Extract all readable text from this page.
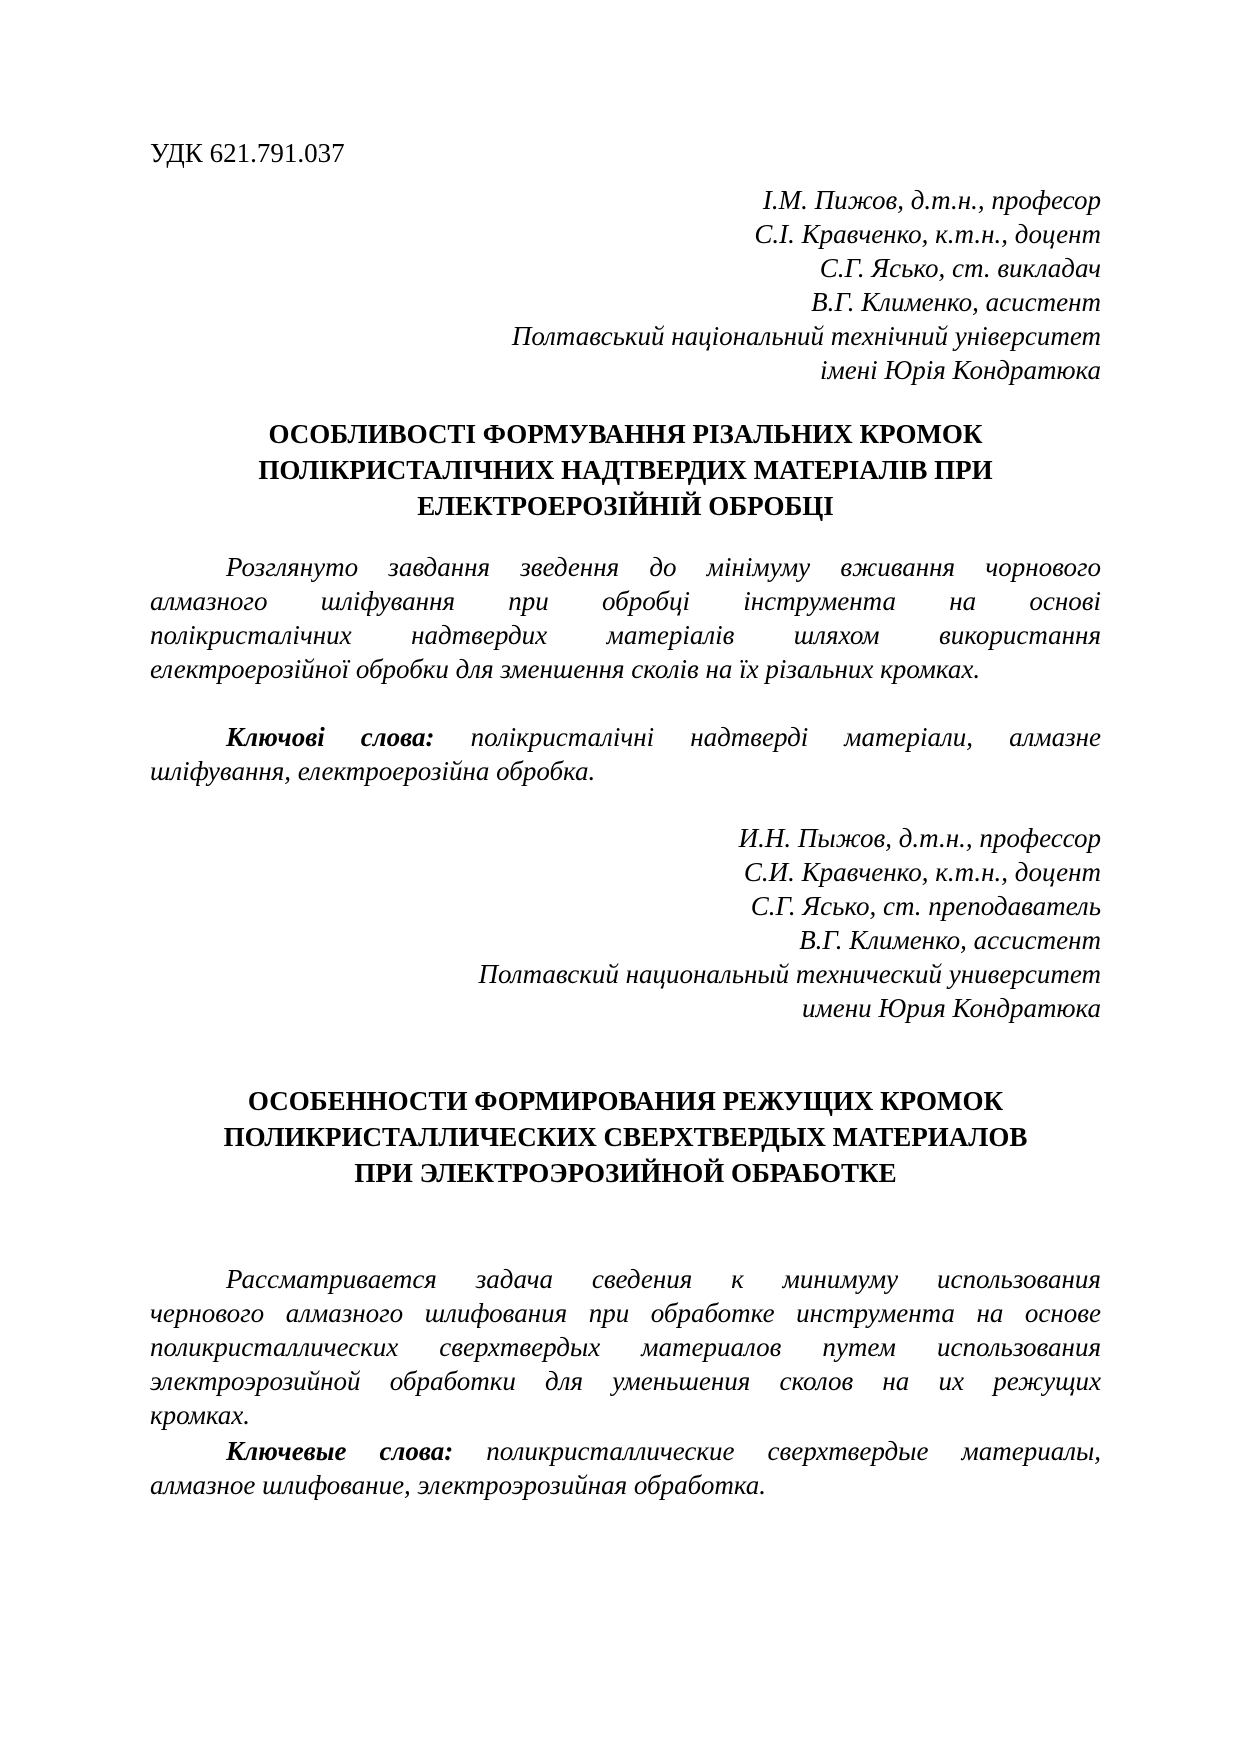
УДК 621.791.037
І.М. Пижов, д.т.н., професор
С.І. Кравченко, к.т.н., доцент
С.Г. Ясько, ст. викладач
В.Г. Клименко, асистент
Полтавський національний технічний університет
імені Юрія Кондратюка
ОСОБЛИВОСТІ ФОРМУВАННЯ РІЗАЛЬНИХ КРОМОК
ПОЛІКРИСТАЛІЧНИХ НАДТВЕРДИХ МАТЕРІАЛІВ ПРИ
ЕЛЕКТРОЕРОЗІЙНІЙ ОБРОБЦІ
Розглянуто завдання зведення до мінімуму вживання чорнового
алмазного шліфування при обробці інструмента на основі
полікристалічних надтвердих матеріалів шляхом використання
електроерозійної обробки для зменшення сколів на їх різальних кромках.
Ключові слова: полікристалічні надтверді матеріали, алмазне
шліфування, електроерозійна обробка.
И.Н. Пыжов, д.т.н., профессор
С.И. Кравченко, к.т.н., доцент
С.Г. Ясько, ст. преподаватель
В.Г. Клименко, ассистент
Полтавский национальный технический университет
имени Юрия Кондратюка
ОСОБЕННОСТИ ФОРМИРОВАНИЯ РЕЖУЩИХ КРОМОК
ПОЛИКРИСТАЛЛИЧЕСКИХ СВЕРХТВЕРДЫХ МАТЕРИАЛОВ
ПРИ ЭЛЕКТРОЭРОЗИЙНОЙ ОБРАБОТКЕ
Рассматривается задача сведения к минимуму использования
чернового алмазного шлифования при обработке инструмента на основе
поликристаллических сверхтвердых материалов путем использования
электроэрозийной обработки для уменьшения сколов на их режущих
кромках.
Ключевые слова: поликристаллические сверхтвердые материалы,
алмазное шлифование, электроэрозийная обработка.
